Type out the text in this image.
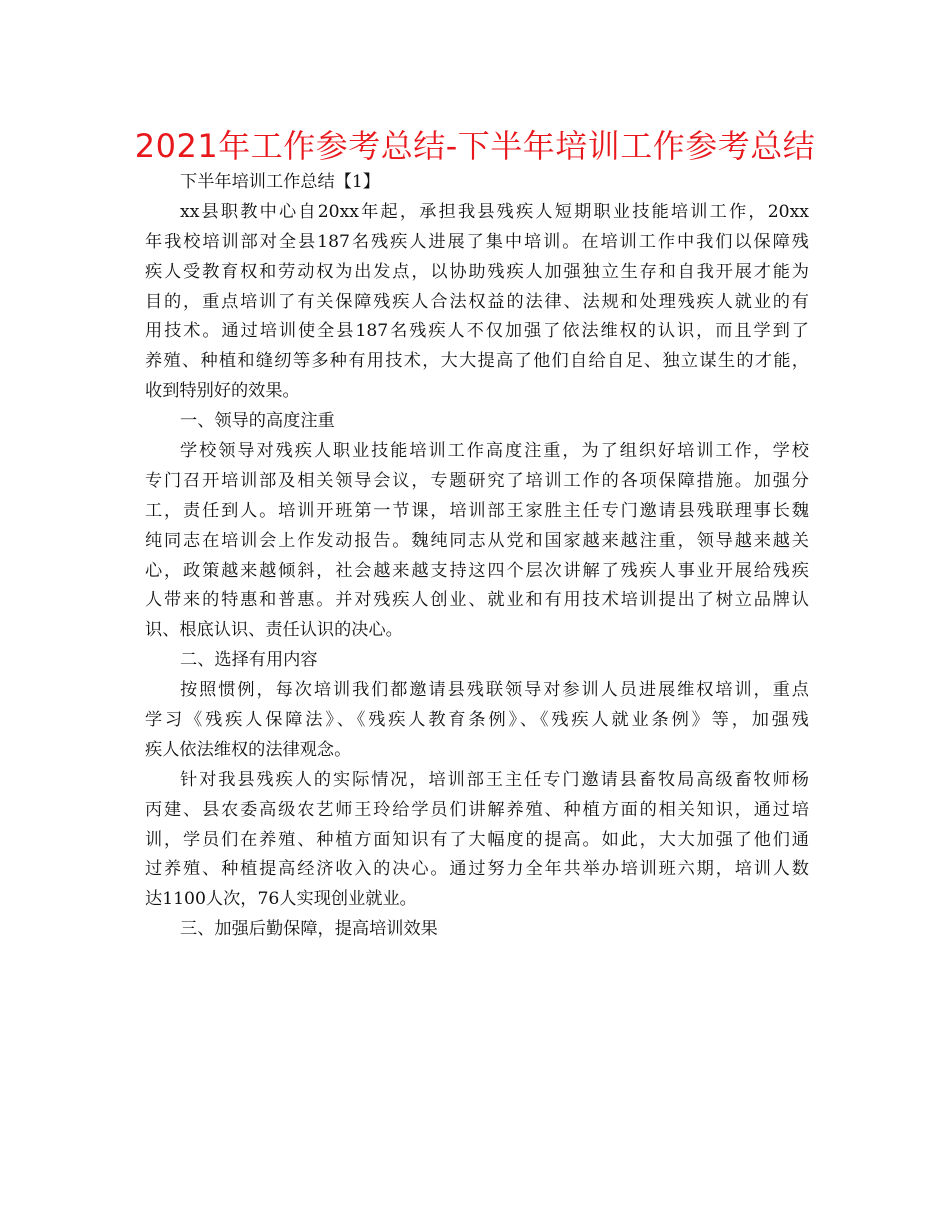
2021年工作参考总结-下半年培训工作参考总结

下半年培训工作总结【1】

xx县职教中心自20xx年起，承担我县残疾人短期职业技能培训工作，20xx
年我校培训部对全县187名残疾人进展了集中培训。在培训工作中我们以保障残
疾人受教育权和劳动权为出发点，以协助残疾人加强独立生存和自我开展才能为
目的，重点培训了有关保障残疾人合法权益的法律、法规和处理残疾人就业的有
用技术。通过培训使全县187名残疾人不仅加强了依法维权的认识，而且学到了
养殖、种植和缝纫等多种有用技术，大大提高了他们自给自足、独立谋生的才能，
收到特别好的效果。

一、领导的高度注重

学校领导对残疾人职业技能培训工作高度注重，为了组织好培训工作，学校
专门召开培训部及相关领导会议，专题研究了培训工作的各项保障措施。加强分
工，责任到人。培训开班第一节课，培训部王家胜主任专门邀请县残联理事长魏
纯同志在培训会上作发动报告。魏纯同志从党和国家越来越注重，领导越来越关
心，政策越来越倾斜，社会越来越支持这四个层次讲解了残疾人事业开展给残疾
人带来的特惠和普惠。并对残疾人创业、就业和有用技术培训提出了树立品牌认
识、根底认识、责任认识的决心。

二、选择有用内容

按照惯例，每次培训我们都邀请县残联领导对参训人员进展维权培训，重点
学习《残疾人保障法》、《残疾人教育条例》、《残疾人就业条例》等，加强残
疾人依法维权的法律观念。

针对我县残疾人的实际情况，培训部王主任专门邀请县畜牧局高级畜牧师杨
丙建、县农委高级农艺师王玲给学员们讲解养殖、种植方面的相关知识，通过培
训，学员们在养殖、种植方面知识有了大幅度的提高。如此，大大加强了他们通
过养殖、种植提高经济收入的决心。通过努力全年共举办培训班六期，培训人数
达1100人次，76人实现创业就业。

三、加强后勤保障，提高培训效果
